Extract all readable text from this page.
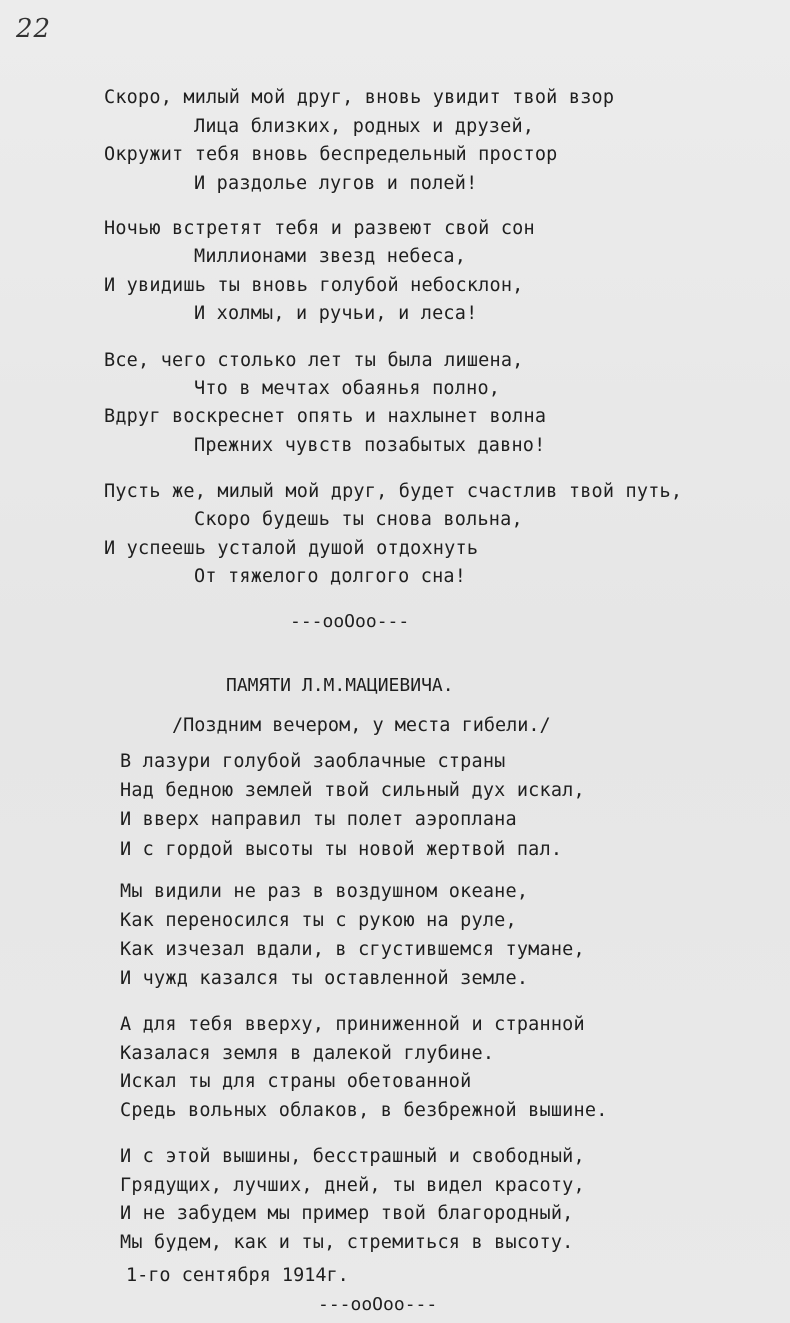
22
Скоро, милый мой друг, вновь увидит твой взор
Лица близких, родных и друзей,
Окружит тебя вновь беспредельный простор
И раздолье лугов и полей!
Ночью встретят тебя и развеют свой сон
Миллионами звезд небеса,
И увидишь ты вновь голубой небосклон,
И холмы, и ручьи, и леса!
Все, чего столько лет ты была лишена,
Что в мечтах обаянья полно,
Вдруг воскреснет опять и нахлынет волна
Прежних чувств позабытых давно!
Пусть же, милый мой друг, будет счастлив твой путь,
Скоро будешь ты снова вольна,
И успеешь усталой душой отдохнуть
От тяжелого долгого сна!
---ooOoo---
ПАМЯТИ Л.М.МАЦИЕВИЧА.
/Поздним вечером, у места гибели./
В лазури голубой заоблачные страны
Над бедною землей твой сильный дух искал,
И вверх направил ты полет аэроплана
И с гордой высоты ты новой жертвой пал.
Мы видили не раз в воздушном океане,
Как переносился ты с рукою на руле,
Как изчезал вдали, в сгустившемся тумане,
И чужд казался ты оставленной земле.
А для тебя вверху, приниженной и странной
Казалася земля в далекой глубине.
Искал ты для страны обетованной
Средь вольных облаков, в безбрежной вышине.
И с этой вышины, бесстрашный и свободный,
Грядущих, лучших, дней, ты видел красоту,
И не забудем мы пример твой благородный,
Мы будем, как и ты, стремиться в высоту.
1-го сентября 1914г.
---ooOoo---
